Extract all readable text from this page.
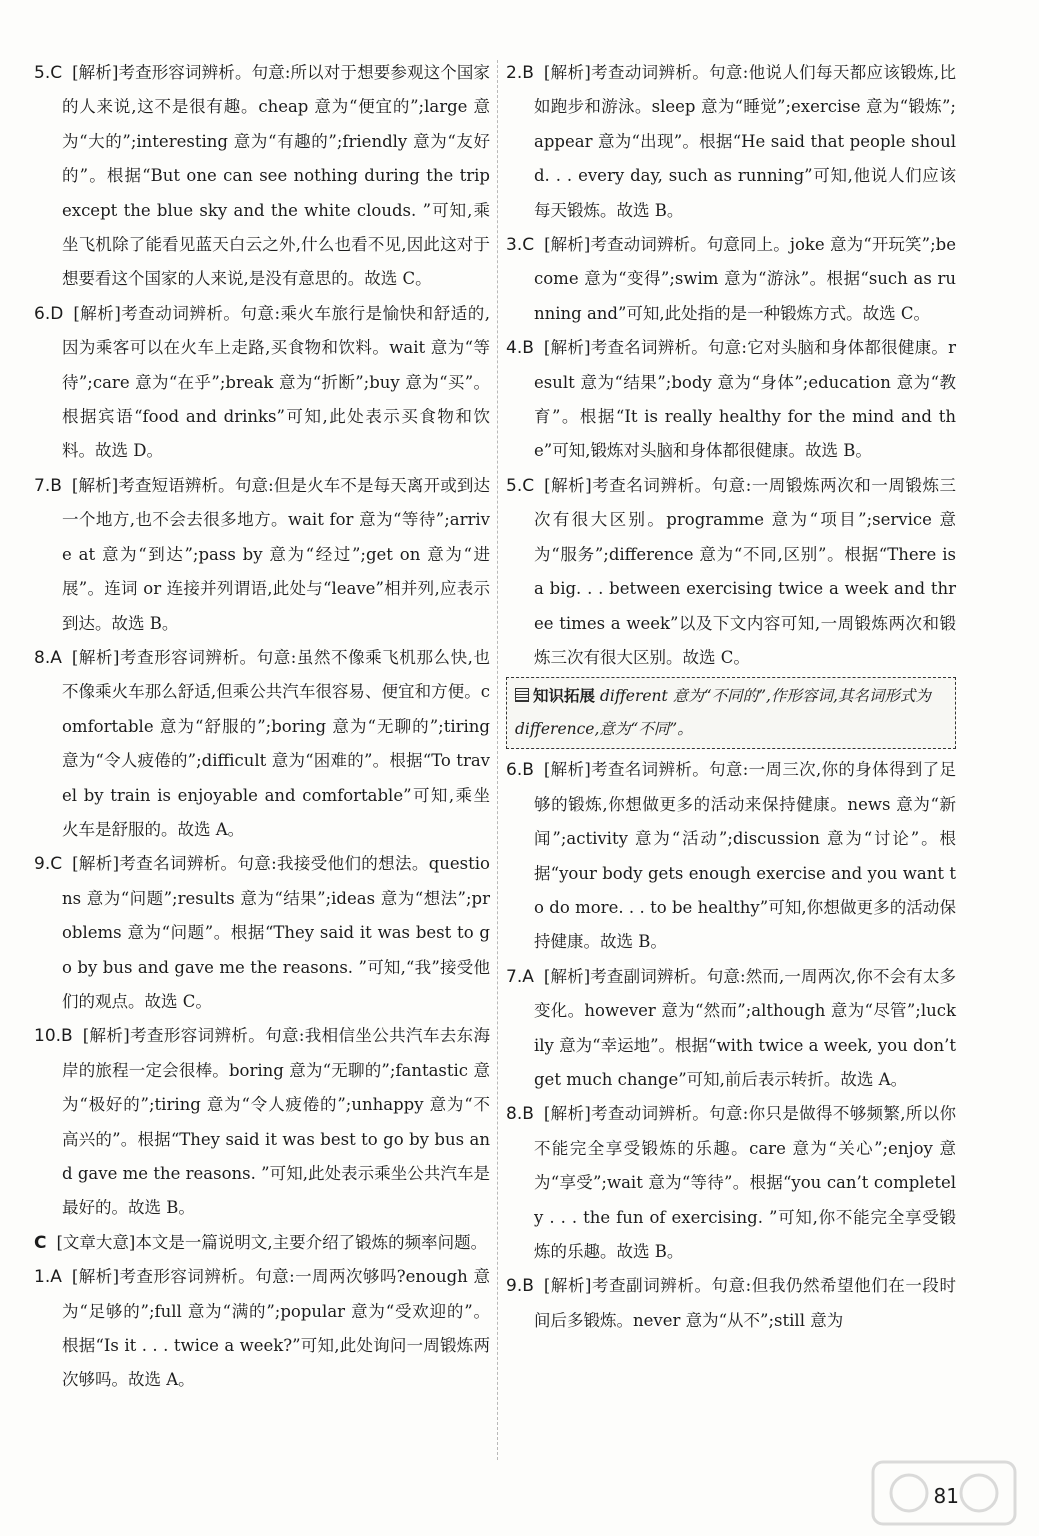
5.C [解析]考查形容词辨析。句意:所以对于想要参观这个国家的人来说,这不是很有趣。cheap 意为“便宜的”;large 意为“大的”;interesting 意为“有趣的”;friendly 意为“友好的”。根据“But one can see nothing during the trip except the blue sky and the white clouds. ”可知,乘坐飞机除了能看见蓝天白云之外,什么也看不见,因此这对于想要看这个国家的人来说,是没有意思的。故选 C。

6.D [解析]考查动词辨析。句意:乘火车旅行是愉快和舒适的,因为乘客可以在火车上走路,买食物和饮料。wait 意为“等待”;care 意为“在乎”;break 意为“折断”;buy 意为“买”。根据宾语“food and drinks”可知,此处表示买食物和饮料。故选 D。

7.B [解析]考查短语辨析。句意:但是火车不是每天离开或到达一个地方,也不会去很多地方。wait for 意为“等待”;arrive at 意为“到达”;pass by 意为“经过”;get on 意为“进展”。连词 or 连接并列谓语,此处与“leave”相并列,应表示到达。故选 B。

8.A [解析]考查形容词辨析。句意:虽然不像乘飞机那么快,也不像乘火车那么舒适,但乘公共汽车很容易、便宜和方便。comfortable 意为“舒服的”;boring 意为“无聊的”;tiring 意为“令人疲倦的”;difficult 意为“困难的”。根据“To travel by train is enjoyable and comfortable”可知,乘坐火车是舒服的。故选 A。

9.C [解析]考查名词辨析。句意:我接受他们的想法。questions 意为“问题”;results 意为“结果”;ideas 意为“想法”;problems 意为“问题”。根据“They said it was best to go by bus and gave me the reasons. ”可知,“我”接受他们的观点。故选 C。

10.B [解析]考查形容词辨析。句意:我相信坐公共汽车去东海岸的旅程一定会很棒。boring 意为“无聊的”;fantastic 意为“极好的”;tiring 意为“令人疲倦的”;unhappy 意为“不高兴的”。根据“They said it was best to go by bus and gave me the reasons. ”可知,此处表示乘坐公共汽车是最好的。故选 B。

C [文章大意]本文是一篇说明文,主要介绍了锻炼的频率问题。

1.A [解析]考查形容词辨析。句意:一周两次够吗?enough 意为“足够的”;full 意为“满的”;popular 意为“受欢迎的”。根据“Is it . . . twice a week?”可知,此处询问一周锻炼两次够吗。故选 A。

2.B [解析]考查动词辨析。句意:他说人们每天都应该锻炼,比如跑步和游泳。sleep 意为“睡觉”;exercise 意为“锻炼”;appear 意为“出现”。根据“He said that people should. . . every day, such as running”可知,他说人们应该每天锻炼。故选 B。

3.C [解析]考查动词辨析。句意同上。joke 意为“开玩笑”;become 意为“变得”;swim 意为“游泳”。根据“such as running and”可知,此处指的是一种锻炼方式。故选 C。

4.B [解析]考查名词辨析。句意:它对头脑和身体都很健康。result 意为“结果”;body 意为“身体”;education 意为“教育”。根据“It is really healthy for the mind and the”可知,锻炼对头脑和身体都很健康。故选 B。

5.C [解析]考查名词辨析。句意:一周锻炼两次和一周锻炼三次有很大区别。programme 意为“项目”;service 意为“服务”;difference 意为“不同,区别”。根据“There is a big. . . between exercising twice a week and three times a week”以及下文内容可知,一周锻炼两次和锻炼三次有很大区别。故选 C。

知识拓展 different 意为“不同的”,作形容词,其名词形式为 difference,意为“不同”。

6.B [解析]考查名词辨析。句意:一周三次,你的身体得到了足够的锻炼,你想做更多的活动来保持健康。news 意为“新闻”;activity 意为“活动”;discussion 意为“讨论”。根据“your body gets enough exercise and you want to do more. . . to be healthy”可知,你想做更多的活动保持健康。故选 B。

7.A [解析]考查副词辨析。句意:然而,一周两次,你不会有太多变化。however 意为“然而”;although 意为“尽管”;luckily 意为“幸运地”。根据“with twice a week, you don’t get much change”可知,前后表示转折。故选 A。

8.B [解析]考查动词辨析。句意:你只是做得不够频繁,所以你不能完全享受锻炼的乐趣。care 意为“关心”;enjoy 意为“享受”;wait 意为“等待”。根据“you can’t completely . . . the fun of exercising. ”可知,你不能完全享受锻炼的乐趣。故选 B。

9.B [解析]考查副词辨析。句意:但我仍然希望他们在一段时间后多锻炼。never 意为“从不”;still 意为

81
